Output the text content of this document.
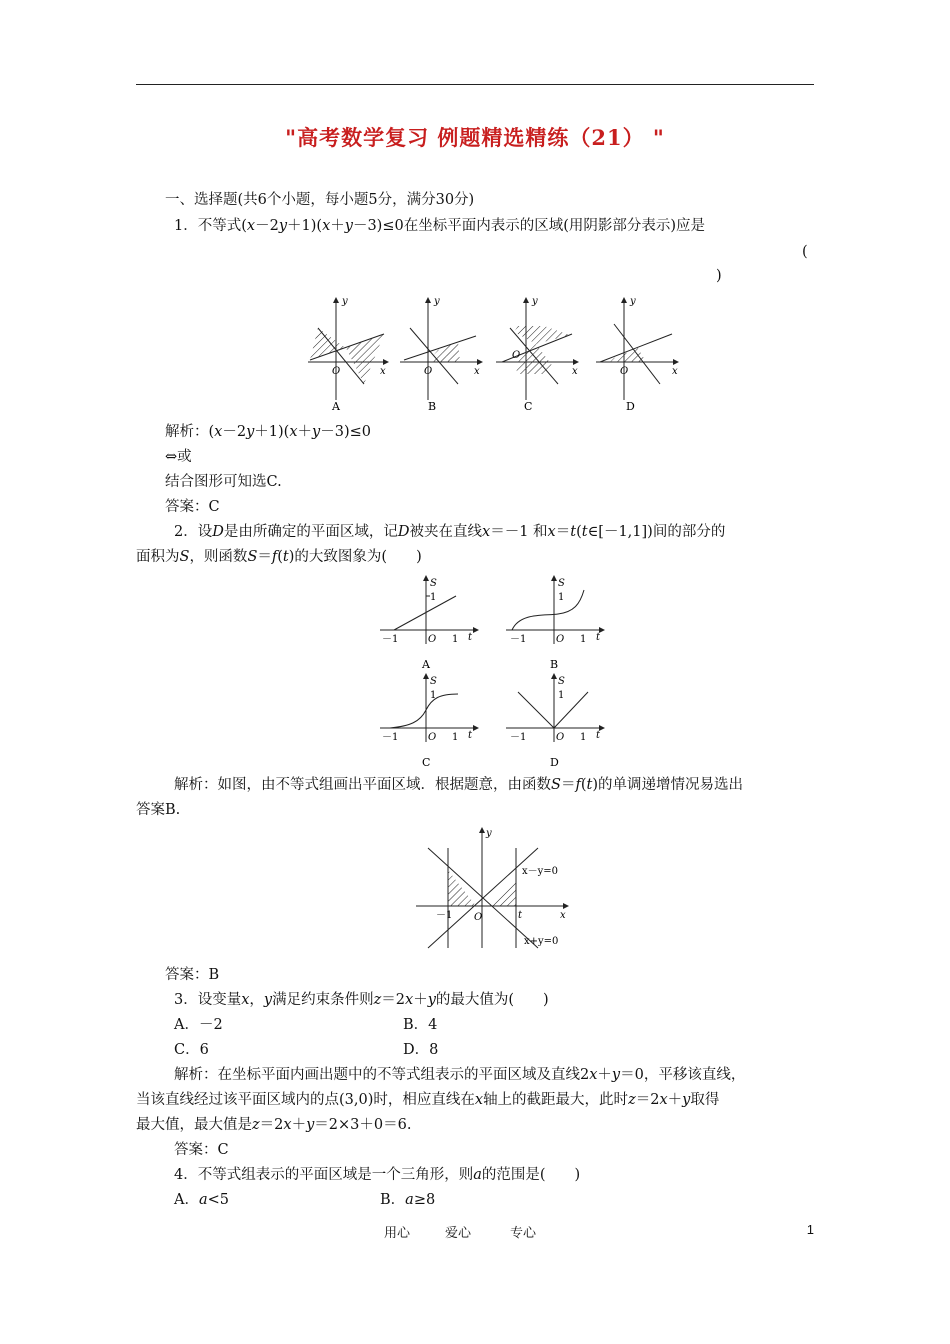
"高考数学复习 例题精选精练（21） "
一、选择题(共6个小题，每小题5分，满分30分)
1．不等式(x－2y＋1)(x＋y－3)≤0在坐标平面内表示的区域(用阴影部分表示)应是
(
)
y
x
O
A
y
x
O
B
y
x
O
C
y
x
O
D
解析：(x－2y＋1)(x＋y－3)≤0
⇔或
结合图形可知选C.
答案：C
2．设D是由所确定的平面区域，记D被夹在直线x＝－1 和x＝t(t∈[－1,1])间的部分的
面积为S，则函数S＝f(t)的大致图象为(　　)
S
1
－1	O 1 t
A
S
1
－1	O 1 t
B
S
1
－1	O 1 t
C
S
1
－1	O 1 t
D
解析：如图，由不等式组画出平面区域．根据题意，由函数S＝f(t)的单调递增情况易选出
答案B.
y
x
O
－1	t
x－y=0
x+y=0
答案：B
3．设变量x，y满足约束条件则z＝2x＋y的最大值为(　　)
A．－2	B．4
C．6	D．8
解析：在坐标平面内画出题中的不等式组表示的平面区域及直线2x＋y＝0，平移该直线，
当该直线经过该平面区域内的点(3,0)时，相应直线在x轴上的截距最大，此时z＝2x＋y取得
最大值，最大值是z＝2x＋y＝2×3＋0＝6.
答案：C
4．不等式组表示的平面区域是一个三角形，则a的范围是(　　)
A．a<5	B．a≥8
用心	爱心	专心	1
